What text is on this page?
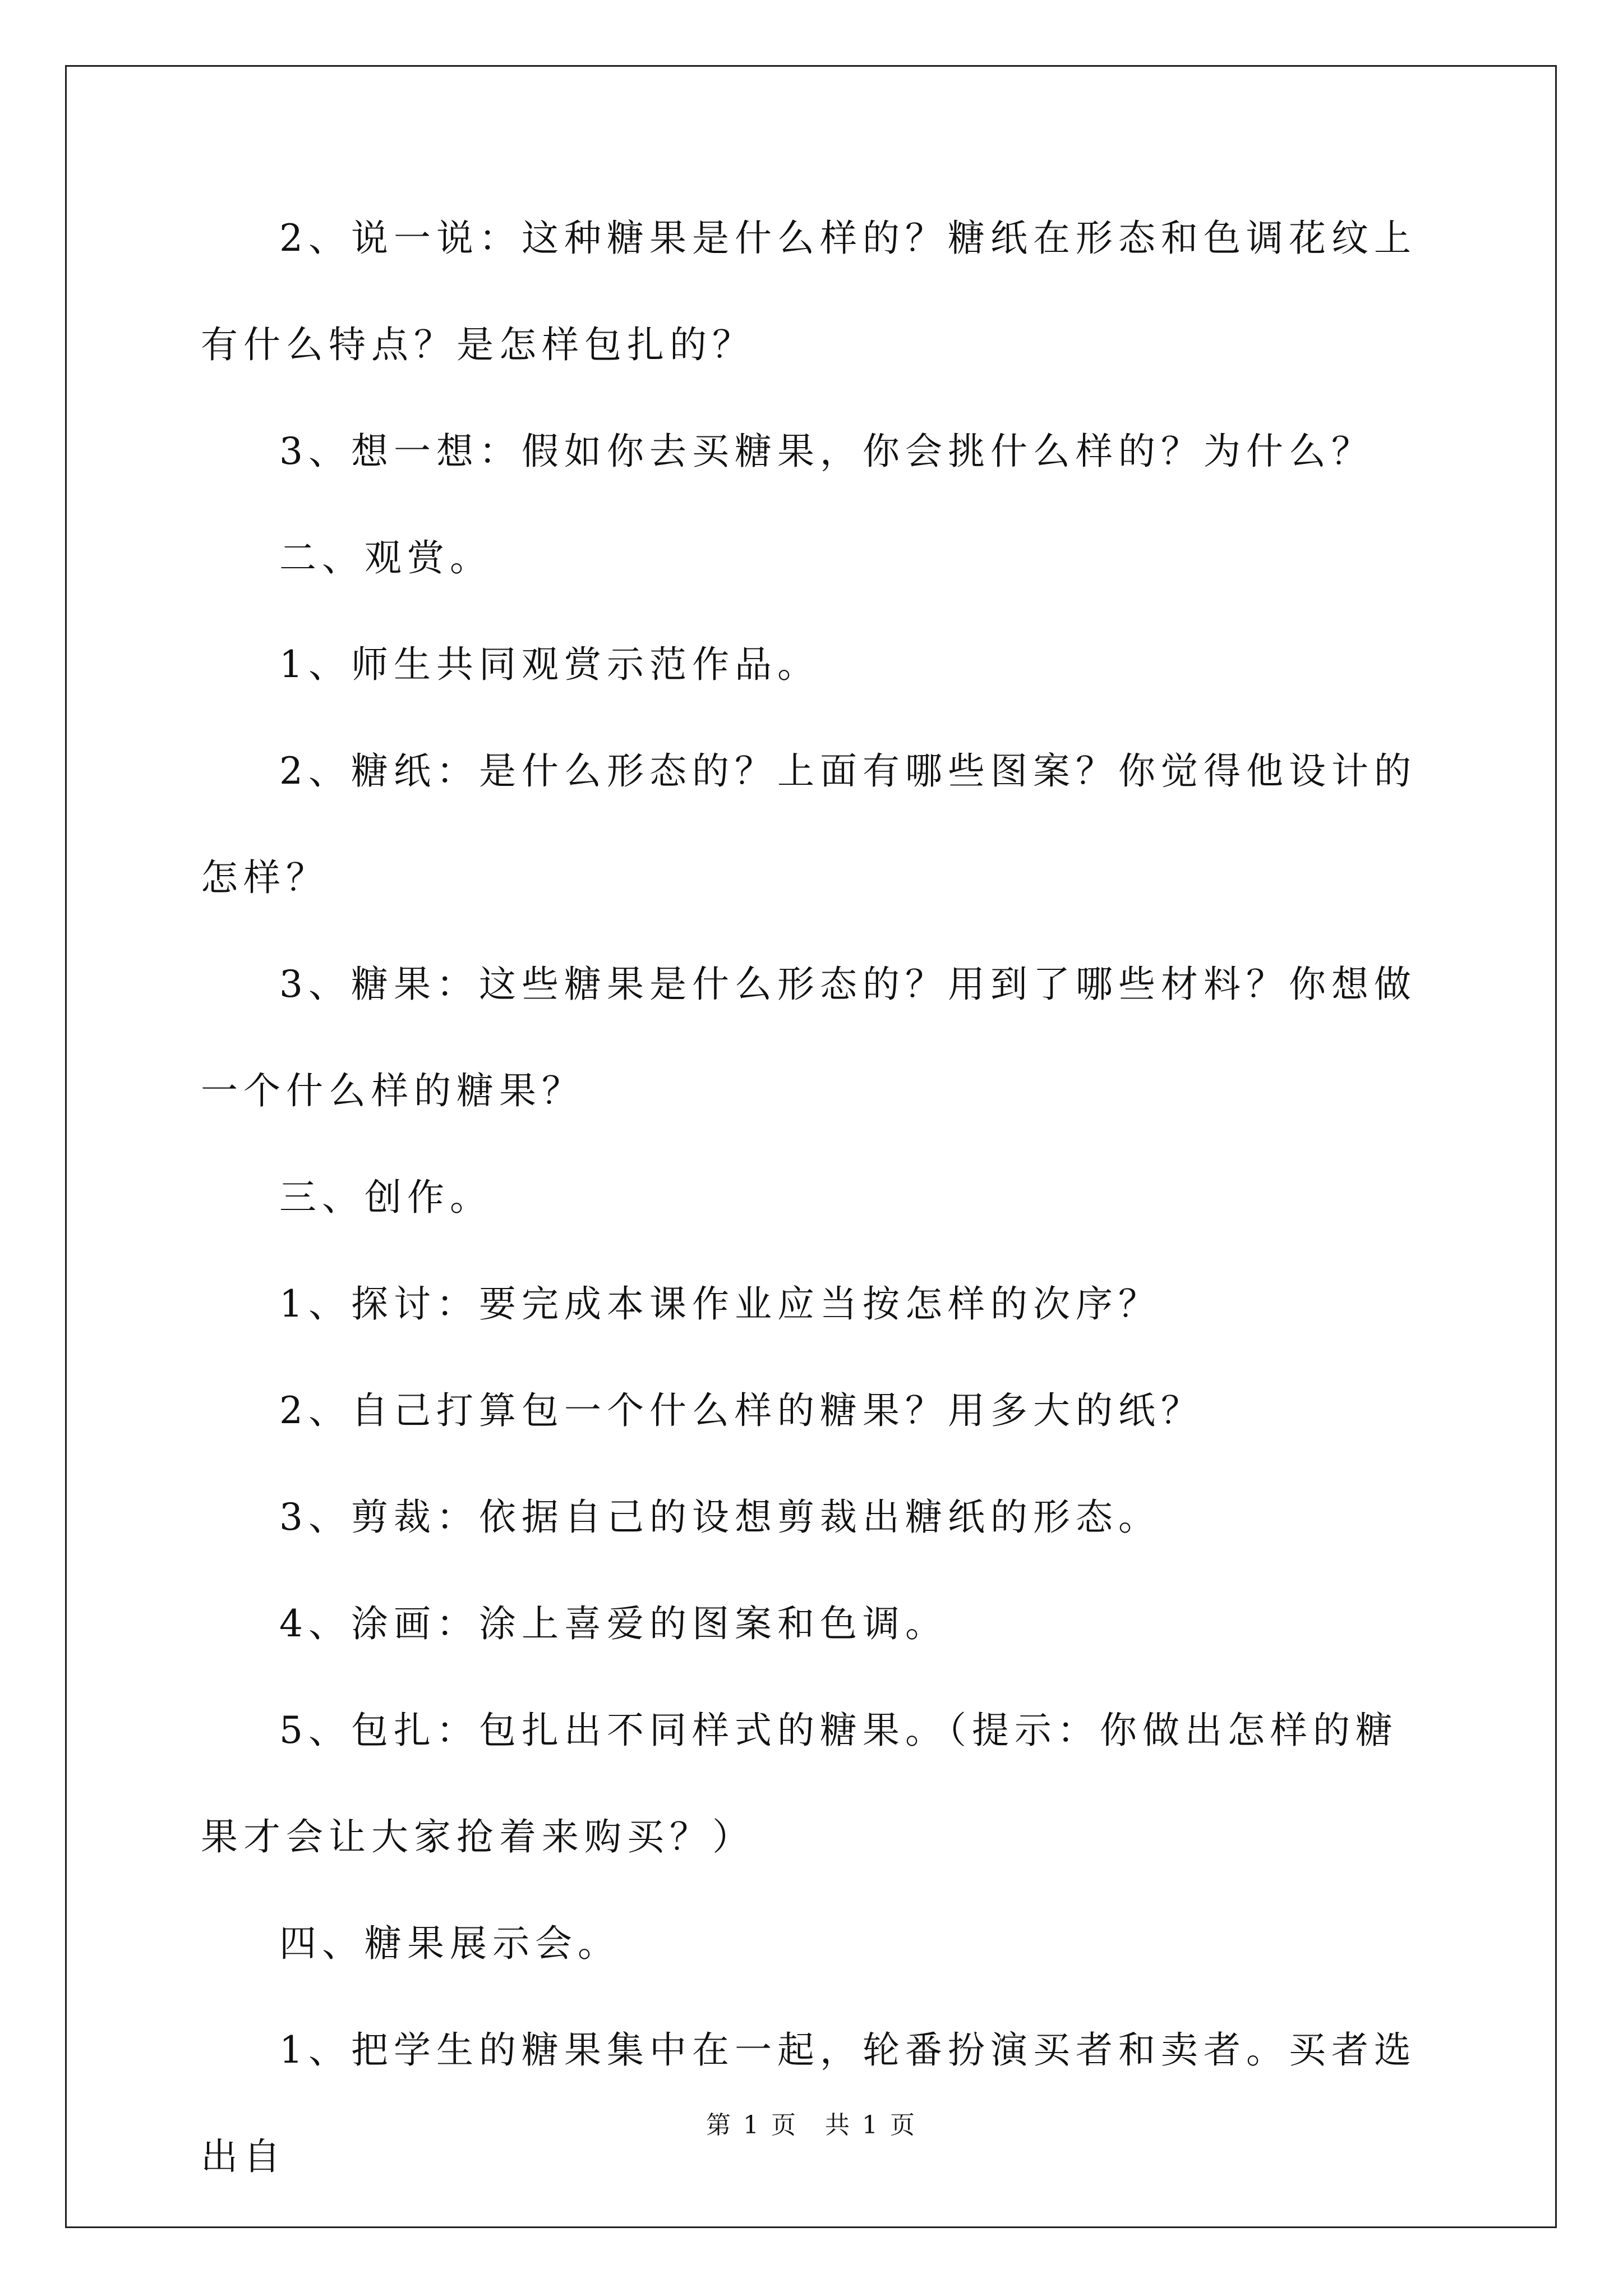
2、说一说：这种糖果是什么样的？糖纸在形态和色调花纹上有什么特点？是怎样包扎的？

3、想一想：假如你去买糖果，你会挑什么样的？为什么？

二、观赏。

1、师生共同观赏示范作品。

2、糖纸：是什么形态的？上面有哪些图案？你觉得他设计的怎样？

3、糖果：这些糖果是什么形态的？用到了哪些材料？你想做一个什么样的糖果？

三、创作。

1、探讨：要完成本课作业应当按怎样的次序？

2、自己打算包一个什么样的糖果？用多大的纸？

3、剪裁：依据自己的设想剪裁出糖纸的形态。

4、涂画：涂上喜爱的图案和色调。

5、包扎：包扎出不同样式的糖果。（提示：你做出怎样的糖果才会让大家抢着来购买？）

四、糖果展示会。

1、把学生的糖果集中在一起，轮番扮演买者和卖者。买者选出自

第 1 页　共 1 页
